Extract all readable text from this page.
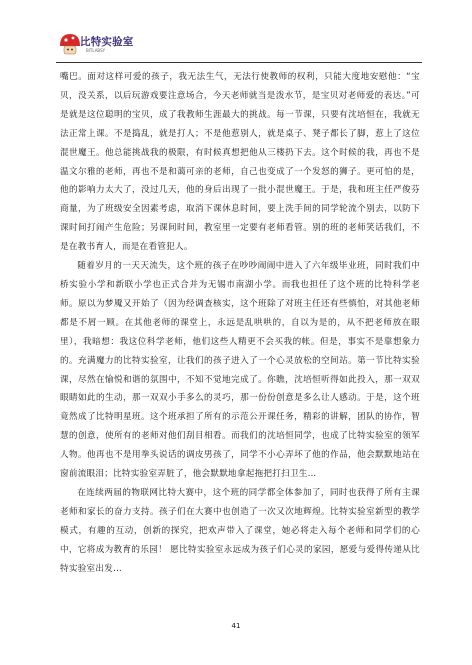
比特实验室
BITLABSY

嘴巴。面对这样可爱的孩子，我无法生气，无法行使教师的权利，只能大度地安慰他：“宝贝，没关系，以后玩游戏要注意场合，今天老师就当是泼水节，是宝贝对老师爱的表达。”可是就是这位聪明的宝贝，成了我教师生涯最大的挑战。每一节课，只要有沈培恒在，我就无法正常上课。不是捣乱，就是打人；不是他惹别人，就是桌子、凳子都长了脚，惹上了这位混世魔王。他总能挑战我的极限，有时候真想把他从三楼扔下去。这个时候的我，再也不是温文尔雅的老师，再也不是和蔼可亲的老师，自己也变成了一个发怒的狮子。更可怕的是，他的影响力太大了，没过几天，他的身后出现了一批小混世魔王。于是，我和班主任严俊芬商量，为了班级安全因素考虑，取消下课休息时间，要上洗手间的同学轮流个别去，以防下课时间打闹产生危险；另课间时间，教室里一定要有老师看管。别的班的老师笑话我们，不是在教书育人，而是在看管犯人。

随着岁月的一天天流失，这个班的孩子在吵吵闹闹中进入了六年级毕业班，同时我们中桥实验小学和新联小学也正式合并为无锡市南湖小学。而我也担任了这个班的比特科学老师。原以为梦魇又开始了（因为经调查核实，这个班除了对班主任还有些慎怕，对其他老师都是不屑一顾。在其他老师的课堂上，永远是乱哄哄的，自以为是的，从不把老师放在眼里），我暗想：我这位科学老师，他们这些人精更不会买我的帐。但是，事实不是靠想象力的。充满魔力的比特实验室，让我们的孩子进入了一个心灵放松的空间站。第一节比特实验课，尽然在愉悦和谐的氛围中，不知不觉地完成了。你瞧，沈培恒听得如此投入，那一双双眼睛如此的生动，那一双双小手多么的灵巧，那一份份创意是多么让人感动。于是，这个班竟然成了比特明星班。这个班承担了所有的示范公开课任务，精彩的讲解，团队的协作，智慧的创意，使所有的老师对他们刮目相看。而我们的沈培恒同学，也成了比特实验室的领军人物。他再也不是用拳头说话的调皮男孩了，同学不小心弄坏了他的作品，他会默默地站在窗前流眼泪；比特实验室弄脏了，他会默默地拿起拖把打扫卫生…

在连续两届的物联网比特大赛中，这个班的同学都全体参加了，同时也获得了所有主课老师和家长的奋力支持。孩子们在大赛中也创造了一次又次地辉煌。比特实验室新型的教学模式，有趣的互动，创新的探究，把欢声带入了课堂，她必将走入每个老师和同学们的心中，它将成为教育的乐园！ 愿比特实验室永远成为孩子们心灵的家园，愿爱与爱得传递从比特实验室出发…

41
